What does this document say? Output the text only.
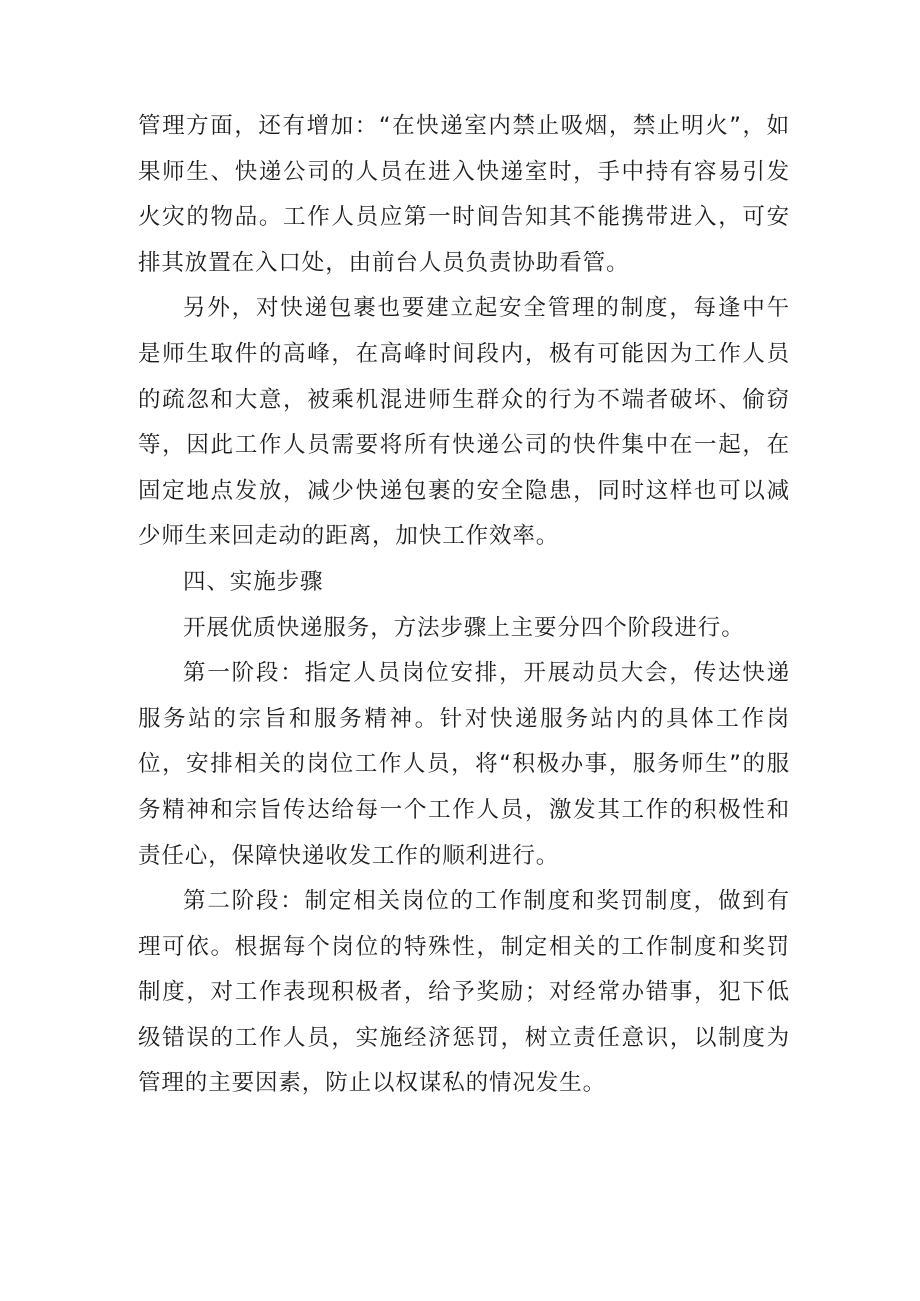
管理方面，还有增加：“在快递室内禁止吸烟，禁止明火”，如果师生、快递公司的人员在进入快递室时，手中持有容易引发火灾的物品。工作人员应第一时间告知其不能携带进入，可安排其放置在入口处，由前台人员负责协助看管。

另外，对快递包裹也要建立起安全管理的制度，每逢中午是师生取件的高峰，在高峰时间段内，极有可能因为工作人员的疏忽和大意，被乘机混进师生群众的行为不端者破坏、偷窃等，因此工作人员需要将所有快递公司的快件集中在一起，在固定地点发放，减少快递包裹的安全隐患，同时这样也可以减少师生来回走动的距离，加快工作效率。

四、实施步骤

开展优质快递服务，方法步骤上主要分四个阶段进行。

第一阶段：指定人员岗位安排，开展动员大会，传达快递服务站的宗旨和服务精神。针对快递服务站内的具体工作岗位，安排相关的岗位工作人员，将“积极办事，服务师生”的服务精神和宗旨传达给每一个工作人员，激发其工作的积极性和责任心，保障快递收发工作的顺利进行。

第二阶段：制定相关岗位的工作制度和奖罚制度，做到有理可依。根据每个岗位的特殊性，制定相关的工作制度和奖罚制度，对工作表现积极者，给予奖励；对经常办错事，犯下低级错误的工作人员，实施经济惩罚，树立责任意识，以制度为管理的主要因素，防止以权谋私的情况发生。
